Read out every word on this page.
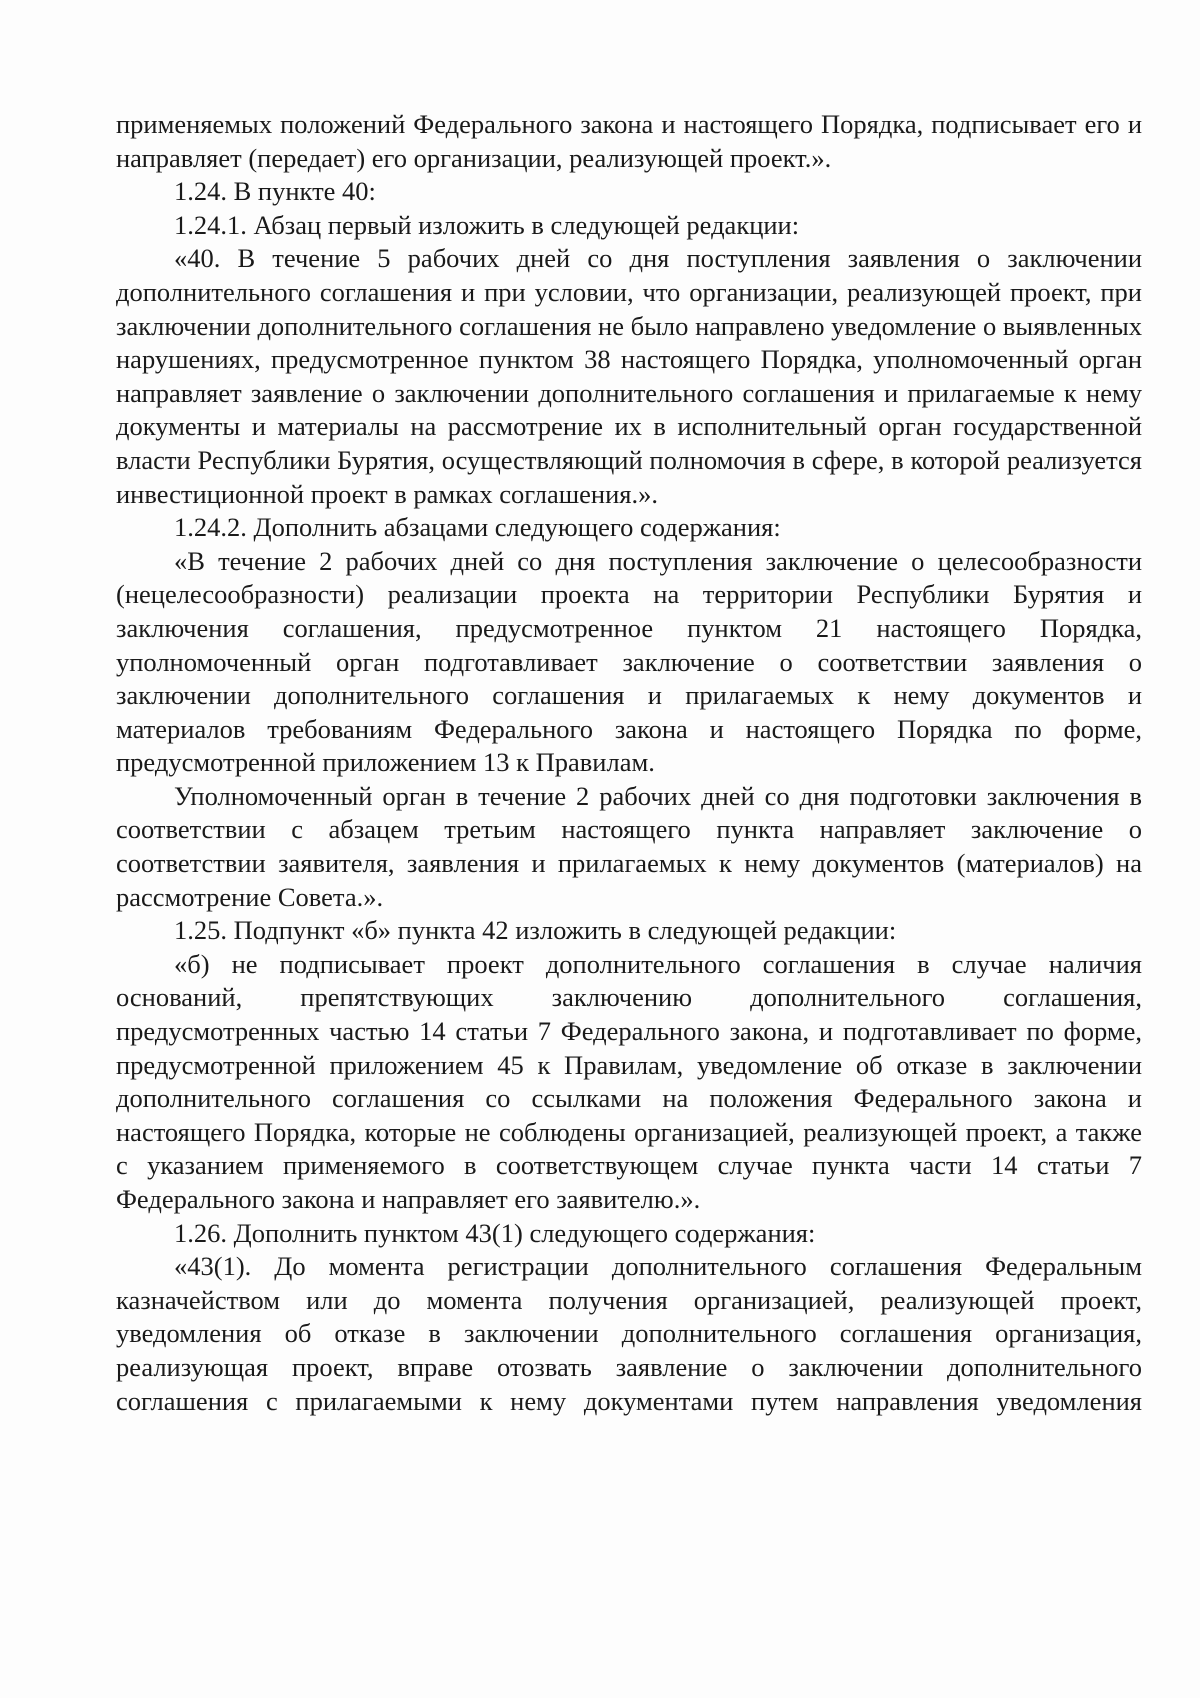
применяемых положений Федерального закона и настоящего Порядка, подписывает его и направляет (передает) его организации, реализующей проект.».

1.24. В пункте 40:

1.24.1. Абзац первый изложить в следующей редакции:

«40. В течение 5 рабочих дней со дня поступления заявления о заключении дополнительного соглашения и при условии, что организации, реализующей проект, при заключении дополнительного соглашения не было направлено уведомление о выявленных нарушениях, предусмотренное пунктом 38 настоящего Порядка, уполномоченный орган направляет заявление о заключении дополнительного соглашения и прилагаемые к нему документы и материалы на рассмотрение их в исполнительный орган государственной власти Республики Бурятия, осуществляющий полномочия в сфере, в которой реализуется инвестиционной проект в рамках соглашения.».

1.24.2. Дополнить абзацами следующего содержания:

«В течение 2 рабочих дней со дня поступления заключение о целесообразности (нецелесообразности) реализации проекта на территории Республики Бурятия и заключения соглашения, предусмотренное пунктом 21 настоящего Порядка, уполномоченный орган подготавливает заключение о соответствии заявления о заключении дополнительного соглашения и прилагаемых к нему документов и материалов требованиям Федерального закона и настоящего Порядка по форме, предусмотренной приложением 13 к Правилам.

Уполномоченный орган в течение 2 рабочих дней со дня подготовки заключения в соответствии с абзацем третьим настоящего пункта направляет заключение о соответствии заявителя, заявления и прилагаемых к нему документов (материалов) на рассмотрение Совета.».

1.25. Подпункт «б» пункта 42 изложить в следующей редакции:

«б) не подписывает проект дополнительного соглашения в случае наличия оснований, препятствующих заключению дополнительного соглашения, предусмотренных частью 14 статьи 7 Федерального закона, и подготавливает по форме, предусмотренной приложением 45 к Правилам, уведомление об отказе в заключении дополнительного соглашения со ссылками на положения Федерального закона и настоящего Порядка, которые не соблюдены организацией, реализующей проект, а также с указанием применяемого в соответствующем случае пункта части 14 статьи 7 Федерального закона и направляет его заявителю.».

1.26. Дополнить пунктом 43(1) следующего содержания:

«43(1). До момента регистрации дополнительного соглашения Федеральным казначейством или до момента получения организацией, реализующей проект, уведомления об отказе в заключении дополнительного соглашения организация, реализующая проект, вправе отозвать заявление о заключении дополнительного соглашения с прилагаемыми к нему документами путем направления уведомления
